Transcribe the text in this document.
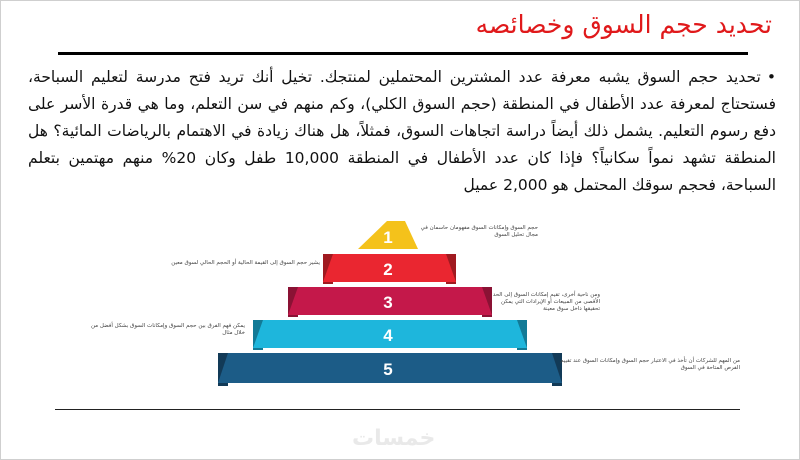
تحديد حجم السوق وخصائصه
•تحديد حجم السوق يشبه معرفة عدد المشترين المحتملين لمنتجك. تخيل أنك تريد فتح مدرسة لتعليم السباحة، فستحتاج لمعرفة عدد الأطفال في المنطقة (حجم السوق الكلي)، وكم منهم في سن التعلم، وما هي قدرة الأسر على دفع رسوم التعليم. يشمل ذلك أيضاً دراسة اتجاهات السوق، فمثلاً، هل هناك زيادة في الاهتمام بالرياضات المائية؟ هل المنطقة تشهد نمواً سكانياً؟ فإذا كان عدد الأطفال في المنطقة 10,000 طفل وكان 20% منهم مهتمين بتعلم السباحة، فحجم سوقك المحتمل هو 2,000 عميل
1
2
3
4
5
حجم السوق وإمكانات السوق مفهومان حاسمان في مجال تحليل السوق
يشير حجم السوق إلى القيمة الحالية أو الحجم الحالي لسوق معين
ومن ناحية أخرى، تقيم إمكانات السوق إلى الحد الأقصى من المبيعات أو الإيرادات التي يمكن تحقيقها داخل سوق معينة
يمكن فهم الفرق بين حجم السوق وإمكانات السوق بشكل أفضل من خلال مثال
من المهم للشركات أن تأخذ في الاعتبار حجم السوق وإمكانات السوق عند تقييم الفرص المتاحة في السوق
خمسات
